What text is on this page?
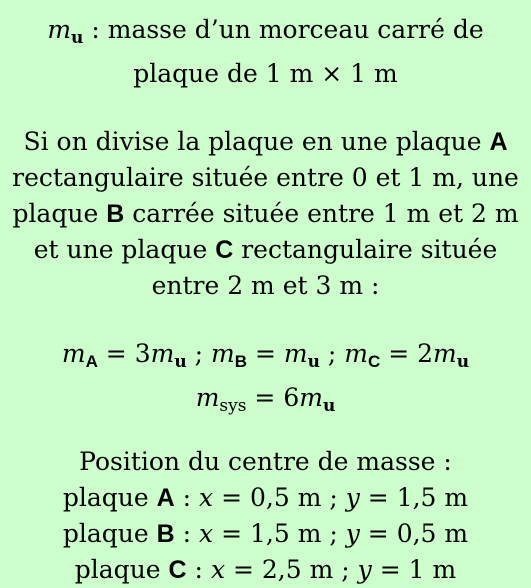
$m_u$ : masse d’un morceau carré de
plaque de 1 m × 1 m

Si on divise la plaque en une plaque A
rectangulaire située entre 0 et 1 m, une
plaque B carrée située entre 1 m et 2 m
et une plaque C rectangulaire située
entre 2 m et 3 m :

$m_A = 3m_u$ ; $m_B = m_u$ ; $m_C = 2m_u$
$m_{sys} = 6m_u$

Position du centre de masse :
plaque A : x = 0,5 m ; y = 1,5 m
plaque B : x = 1,5 m ; y = 0,5 m
plaque C : x = 2,5 m ; y = 1 m
